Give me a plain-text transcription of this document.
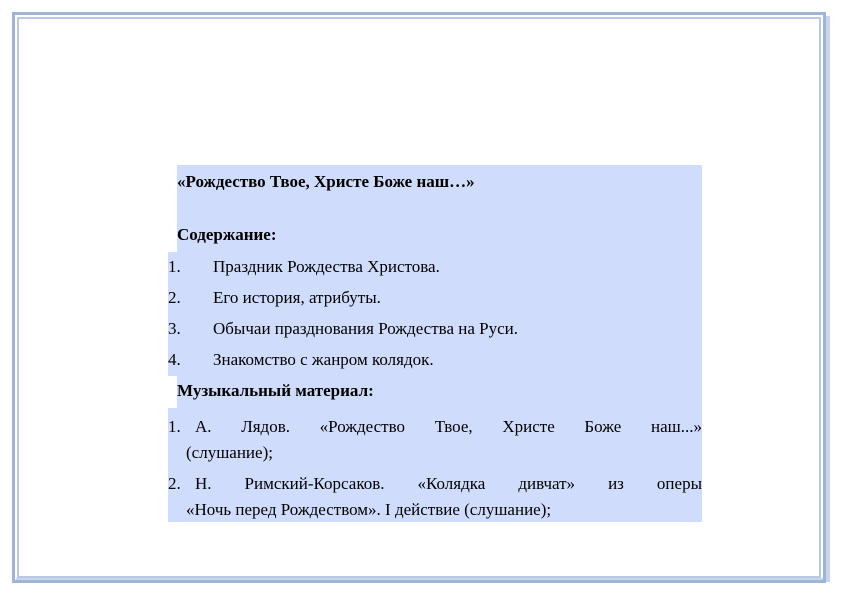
«Рождество Твое, Христе Боже наш…»
Содержание:
1. Праздник Рождества Христова.
2. Его история, атрибуты.
3. Обычаи празднования Рождества на Руси.
4. Знакомство с жанром колядок.
Музыкальный материал:
1. А. Лядов. «Рождество Твое, Христе Боже наш...»
(слушание);
2. Н. Римский-Корсаков. «Колядка дивчат» из оперы
«Ночь перед Рождеством». I действие (слушание);
